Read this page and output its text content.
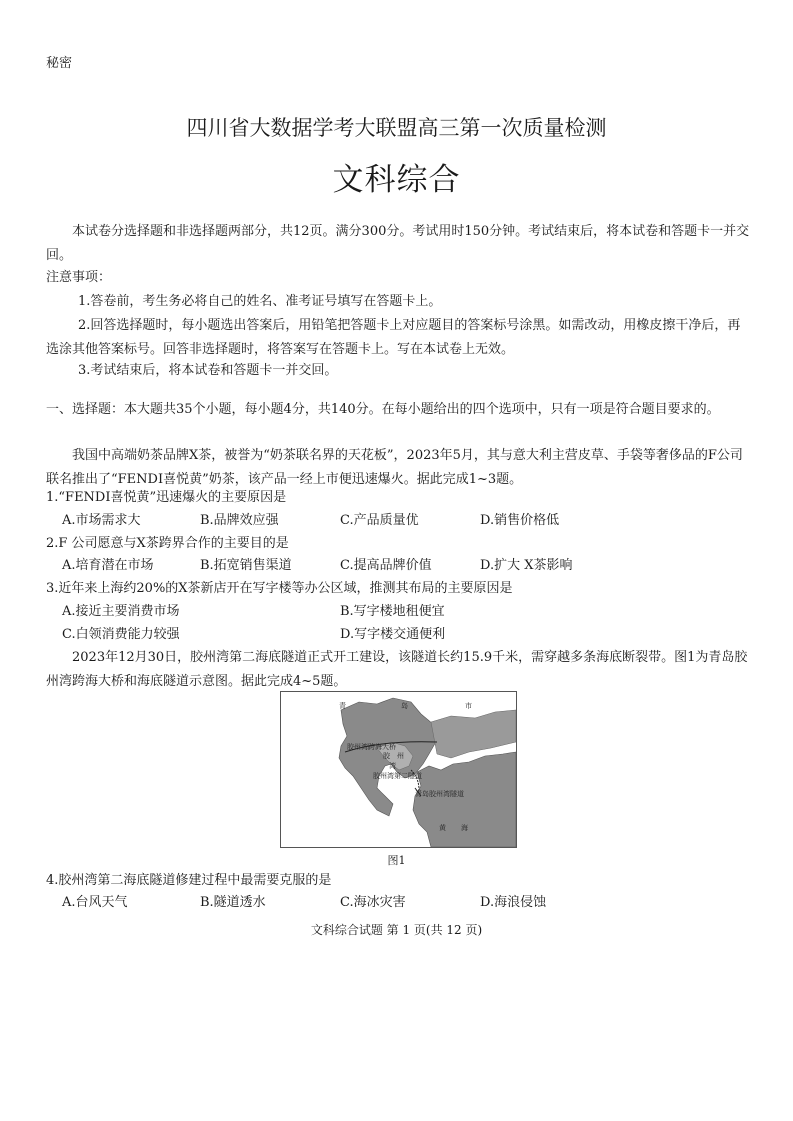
秘密
四川省大数据学考大联盟高三第一次质量检测
文科综合
本试卷分选择题和非选择题两部分，共12页。满分300分。考试用时150分钟。考试结束后，将本试卷和答题卡一并交回。
注意事项：
1.答卷前，考生务必将自己的姓名、准考证号填写在答题卡上。
2.回答选择题时，每小题选出答案后，用铅笔把答题卡上对应题目的答案标号涂黑。如需改动，用橡皮擦干净后，再选涂其他答案标号。回答非选择题时，将答案写在答题卡上。写在本试卷上无效。
3.考试结束后，将本试卷和答题卡一并交回。
一、选择题：本大题共35个小题，每小题4分，共140分。在每小题给出的四个选项中，只有一项是符合题目要求的。
我国中高端奶茶品牌X茶，被誉为“奶茶联名界的天花板”，2023年5月，其与意大利主营皮草、手袋等奢侈品的F公司联名推出了“FENDI喜悦黄”奶茶，该产品一经上市便迅速爆火。据此完成1~3题。
1.“FENDI喜悦黄”迅速爆火的主要原因是
A.市场需求大	B.品牌效应强	C.产品质量优	D.销售价格低
2.F 公司愿意与X茶跨界合作的主要目的是
A.培育潜在市场	B.拓宽销售渠道	C.提高品牌价值	D.扩大 X茶影响
3.近年来上海约20%的X茶新店开在写字楼等办公区域，推测其布局的主要原因是
A.接近主要消费市场	B.写字楼地租便宜
C.白领消费能力较强	D.写字楼交通便利
2023年12月30日，胶州湾第二海底隧道正式开工建设，该隧道长约15.9千米，需穿越多条海底断裂带。图1为青岛胶州湾跨海大桥和海底隧道示意图。据此完成4~5题。
青	岛	市
胶州湾跨海大桥
胶　州
湾
胶州湾第二隧道
青岛胶州湾隧道
黄 海
图1
4.胶州湾第二海底隧道修建过程中最需要克服的是
A.台风天气	B.隧道透水	C.海冰灾害	D.海浪侵蚀
文科综合试题 第 1 页(共 12 页)
